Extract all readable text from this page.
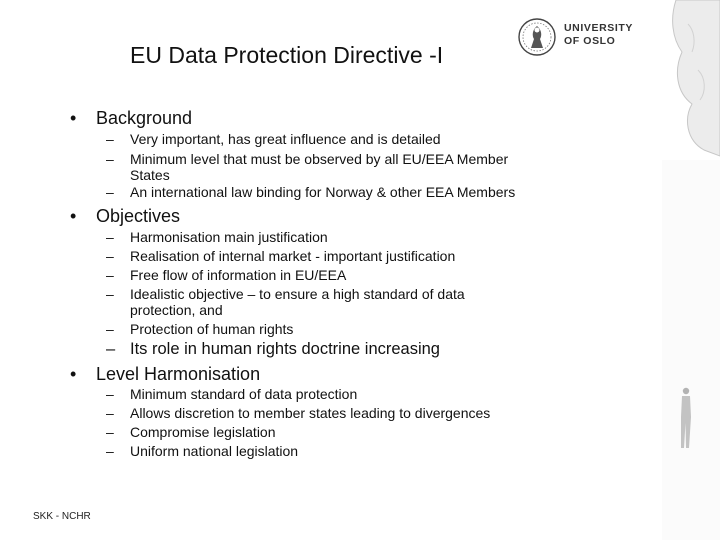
EU Data Protection Directive -I
UNIVERSITY
OF OSLO
• Background
– Very important, has great influence and is detailed
– Minimum level that must be observed by all EU/EEA Member States
– An international law binding for Norway & other EEA Members
• Objectives
– Harmonisation main justification
– Realisation of internal market - important justification
– Free flow of information in EU/EEA
– Idealistic objective – to ensure a high standard of data protection, and
– Protection of human rights
– Its role in human rights doctrine increasing
• Level Harmonisation
– Minimum standard of data protection
– Allows discretion to member states leading to divergences
– Compromise legislation
– Uniform national legislation
SKK - NCHR
